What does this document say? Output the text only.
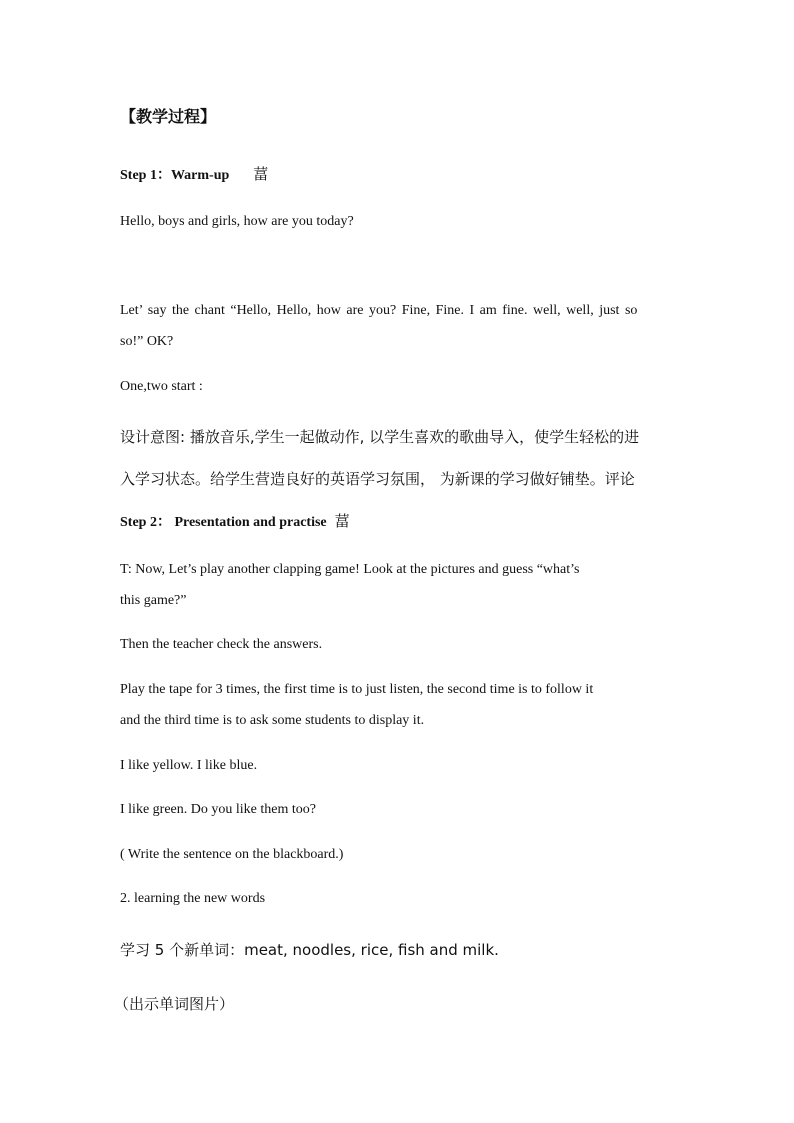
【教学过程】
Step 1：Warm-up 葍
Hello, boys and girls, how are you today?
Let’ say the chant “Hello, Hello, how are you? Fine, Fine. I am fine. well, well, just so
so!” OK?
One,two start :
设计意图: 播放音乐,学生一起做动作, 以学生喜欢的歌曲导入，使学生轻松的进
入学习状态。给学生营造良好的英语学习氛围， 为新课的学习做好铺垫。评论
Step 2： Presentation and practise 葍
T: Now, Let’s play another clapping game! Look at the pictures and guess “what’s
this game?”
Then the teacher check the answers.
Play the tape for 3 times, the first time is to just listen, the second time is to follow it
and the third time is to ask some students to display it.
I like yellow. I like blue.
I like green. Do you like them too?
( Write the sentence on the blackboard.)
2. learning the new words
学习 5 个新单词：meat, noodles, rice, fish and milk.
（出示单词图片）
